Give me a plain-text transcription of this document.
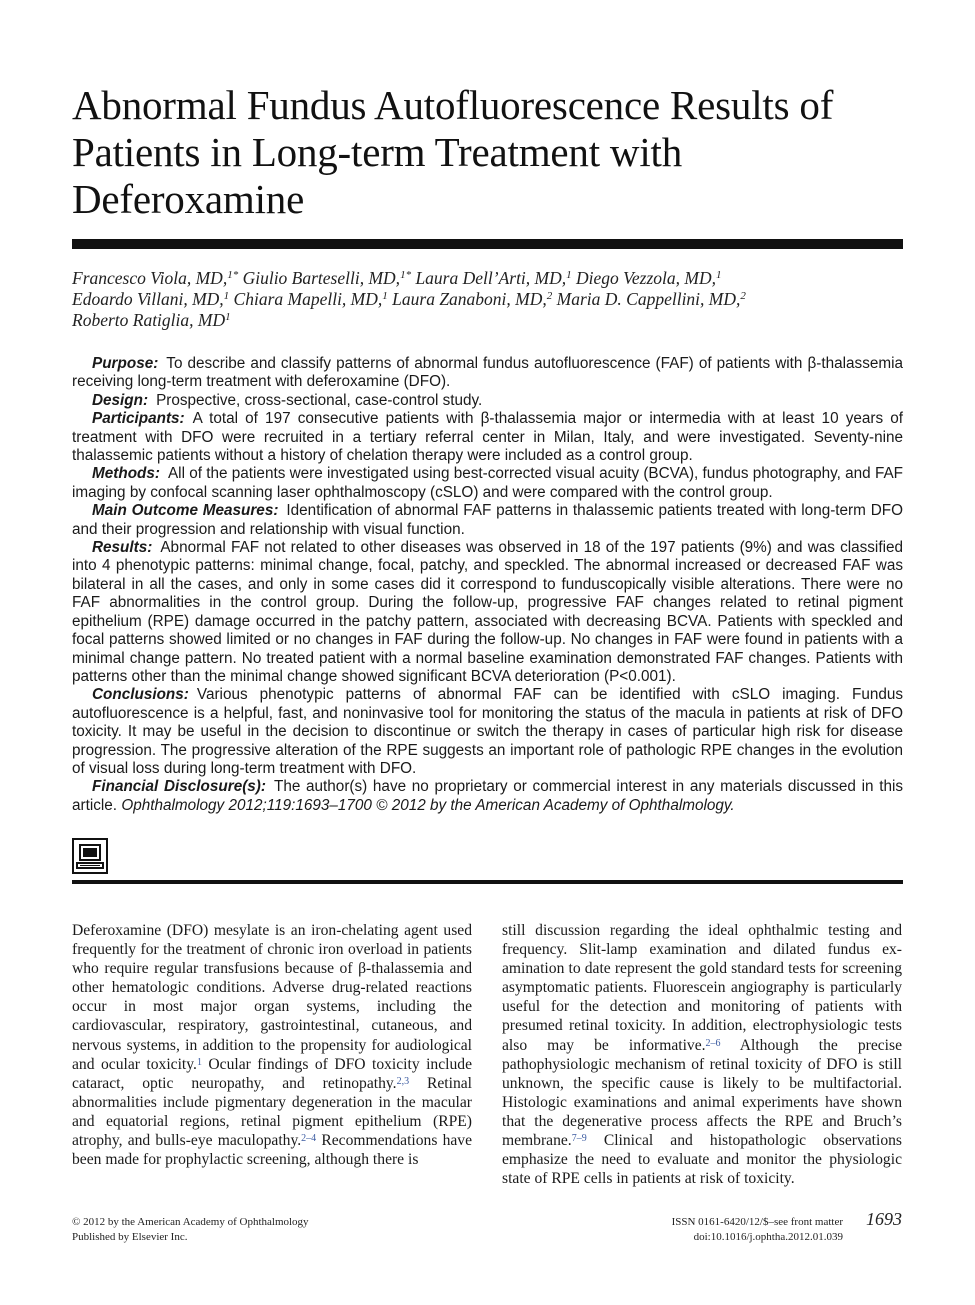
Abnormal Fundus Autofluorescence Results of Patients in Long-term Treatment with Deferoxamine
Francesco Viola, MD,$^{1*}$ Giulio Barteselli, MD,$^{1*}$ Laura Dell’Arti, MD,$^1$ Diego Vezzola, MD,$^1$
Edoardo Villani, MD,$^1$ Chiara Mapelli, MD,$^1$ Laura Zanaboni, MD,$^2$ Maria D. Cappellini, MD,$^2$
Roberto Ratiglia, $MD^1$

Purpose: To describe and classify patterns of abnormal fundus autofluorescence (FAF) of patients with β-thalassemia receiving long-term treatment with deferoxamine (DFO).

Design: Prospective, cross-sectional, case-control study.

Participants: A total of 197 consecutive patients with β-thalassemia major or intermedia with at least 10 years of treatment with DFO were recruited in a tertiary referral center in Milan, Italy, and were investigated. Seventy-nine thalassemic patients without a history of chelation therapy were included as a control group.

Methods: All of the patients were investigated using best-corrected visual acuity (BCVA), fundus photography, and FAF imaging by confocal scanning laser ophthalmoscopy (cSLO) and were compared with the control group.

Main Outcome Measures: Identification of abnormal FAF patterns in thalassemic patients treated with long-term DFO and their progression and relationship with visual function.

Results: Abnormal FAF not related to other diseases was observed in 18 of the 197 patients (9%) and was classified into 4 phenotypic patterns: minimal change, focal, patchy, and speckled. The abnormal increased or decreased FAF was bilateral in all the cases, and only in some cases did it correspond to funduscopically visible alterations. There were no FAF abnormalities in the control group. During the follow-up, progressive FAF changes related to retinal pigment epithelium (RPE) damage occurred in the patchy pattern, associated with decreasing BCVA. Patients with speckled and focal patterns showed limited or no changes in FAF during the follow-up. No changes in FAF were found in patients with a minimal change pattern. No treated patient with a normal baseline examination demonstrated FAF changes. Patients with patterns other than the minimal change showed significant BCVA deterioration (P<0.001).

Conclusions: Various phenotypic patterns of abnormal FAF can be identified with cSLO imaging. Fundus autofluorescence is a helpful, fast, and noninvasive tool for monitoring the status of the macula in patients at risk of DFO toxicity. It may be useful in the decision to discontinue or switch the therapy in cases of particular high risk for disease progression. The progressive alteration of the RPE suggests an important role of pathologic RPE changes in the evolution of visual loss during long-term treatment with DFO.

Financial Disclosure(s): The author(s) have no proprietary or commercial interest in any materials discussed in this article. Ophthalmology 2012;119:1693–1700 © 2012 by the American Academy of Ophthalmology.

Deferoxamine (DFO) mesylate is an iron-chelating agent used frequently for the treatment of chronic iron overload in patients who require regular transfusions because of β-thalassemia and other hematologic conditions. Adverse drug-related reactions occur in most major organ systems, including the cardiovascular, respiratory, gastrointestinal, cutaneous, and nervous systems, in addition to the propensity for audiological and ocular toxicity.$^1$ Ocular findings of DFO toxicity include cataract, optic neuropathy, and retinopathy.$^{2,3}$ Retinal abnormalities include pigmentary degeneration in the macular and equatorial regions, retinal pigment epithelium (RPE) atrophy, and bulls-eye maculopathy.$^{2-4}$ Recommendations have been made for prophylactic screening, although there is

still discussion regarding the ideal ophthalmic testing and frequency. Slit-lamp examination and dilated fundus examination to date represent the gold standard tests for screening asymptomatic patients. Fluorescein angiography is particularly useful for the detection and monitoring of patients with presumed retinal toxicity. In addition, electrophysiologic tests also may be informative.$^{2-6}$ Although the precise pathophysiologic mechanism of retinal toxicity of DFO is still unknown, the specific cause is likely to be multifactorial. Histologic examinations and animal experiments have shown that the degenerative process affects the RPE and Bruch’s membrane.$^{7-9}$ Clinical and histopathologic observations emphasize the need to evaluate and monitor the physiologic state of RPE cells in patients at risk of toxicity.

© 2012 by the American Academy of Ophthalmology
Published by Elsevier Inc.
ISSN 0161-6420/12/$–see front matter
doi:10.1016/j.ophtha.2012.01.039
1693
